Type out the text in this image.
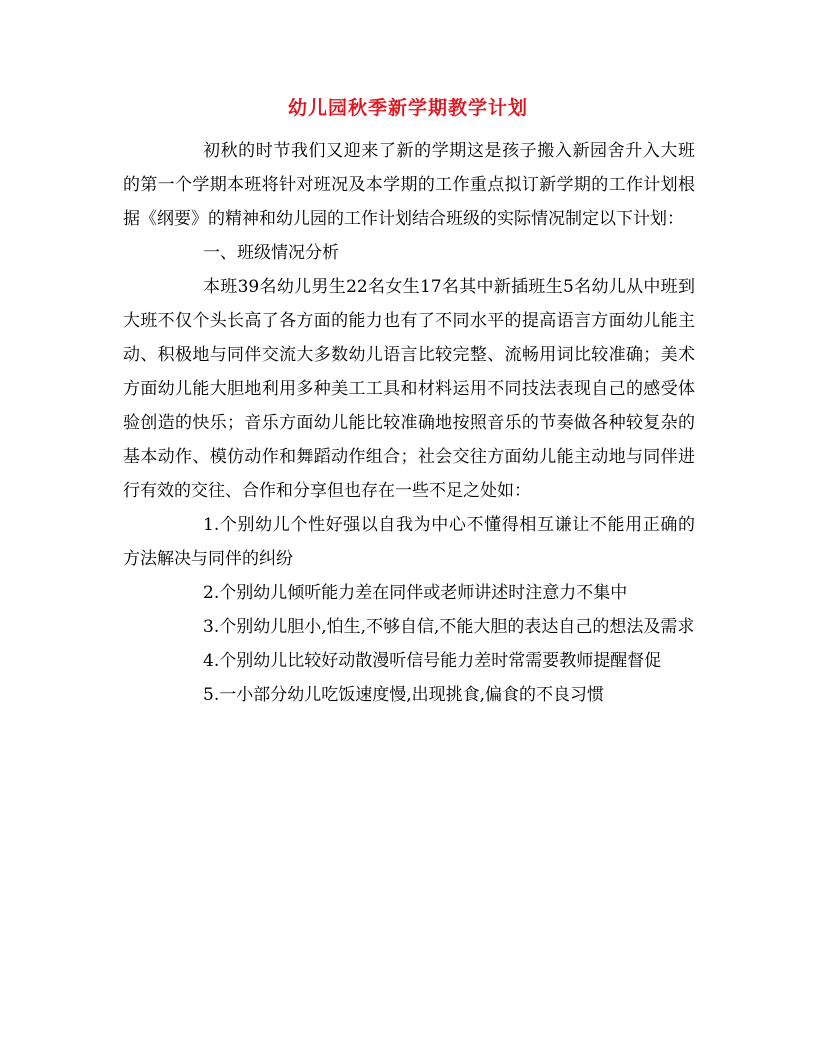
幼儿园秋季新学期教学计划

初秋的时节我们又迎来了新的学期这是孩子搬入新园舍升入大班的第一个学期本班将针对班况及本学期的工作重点拟订新学期的工作计划根据《纲要》的精神和幼儿园的工作计划结合班级的实际情况制定以下计划：

一、班级情况分析

本班39名幼儿男生22名女生17名其中新插班生5名幼儿从中班到大班不仅个头长高了各方面的能力也有了不同水平的提高语言方面幼儿能主动、积极地与同伴交流大多数幼儿语言比较完整、流畅用词比较准确；美术方面幼儿能大胆地利用多种美工工具和材料运用不同技法表现自己的感受体验创造的快乐；音乐方面幼儿能比较准确地按照音乐的节奏做各种较复杂的基本动作、模仿动作和舞蹈动作组合；社会交往方面幼儿能主动地与同伴进行有效的交往、合作和分享但也存在一些不足之处如：

1.个别幼儿个性好强以自我为中心不懂得相互谦让不能用正确的方法解决与同伴的纠纷

2.个别幼儿倾听能力差在同伴或老师讲述时注意力不集中

3.个别幼儿胆小,怕生,不够自信,不能大胆的表达自己的想法及需求

4.个别幼儿比较好动散漫听信号能力差时常需要教师提醒督促

5.一小部分幼儿吃饭速度慢,出现挑食,偏食的不良习惯
